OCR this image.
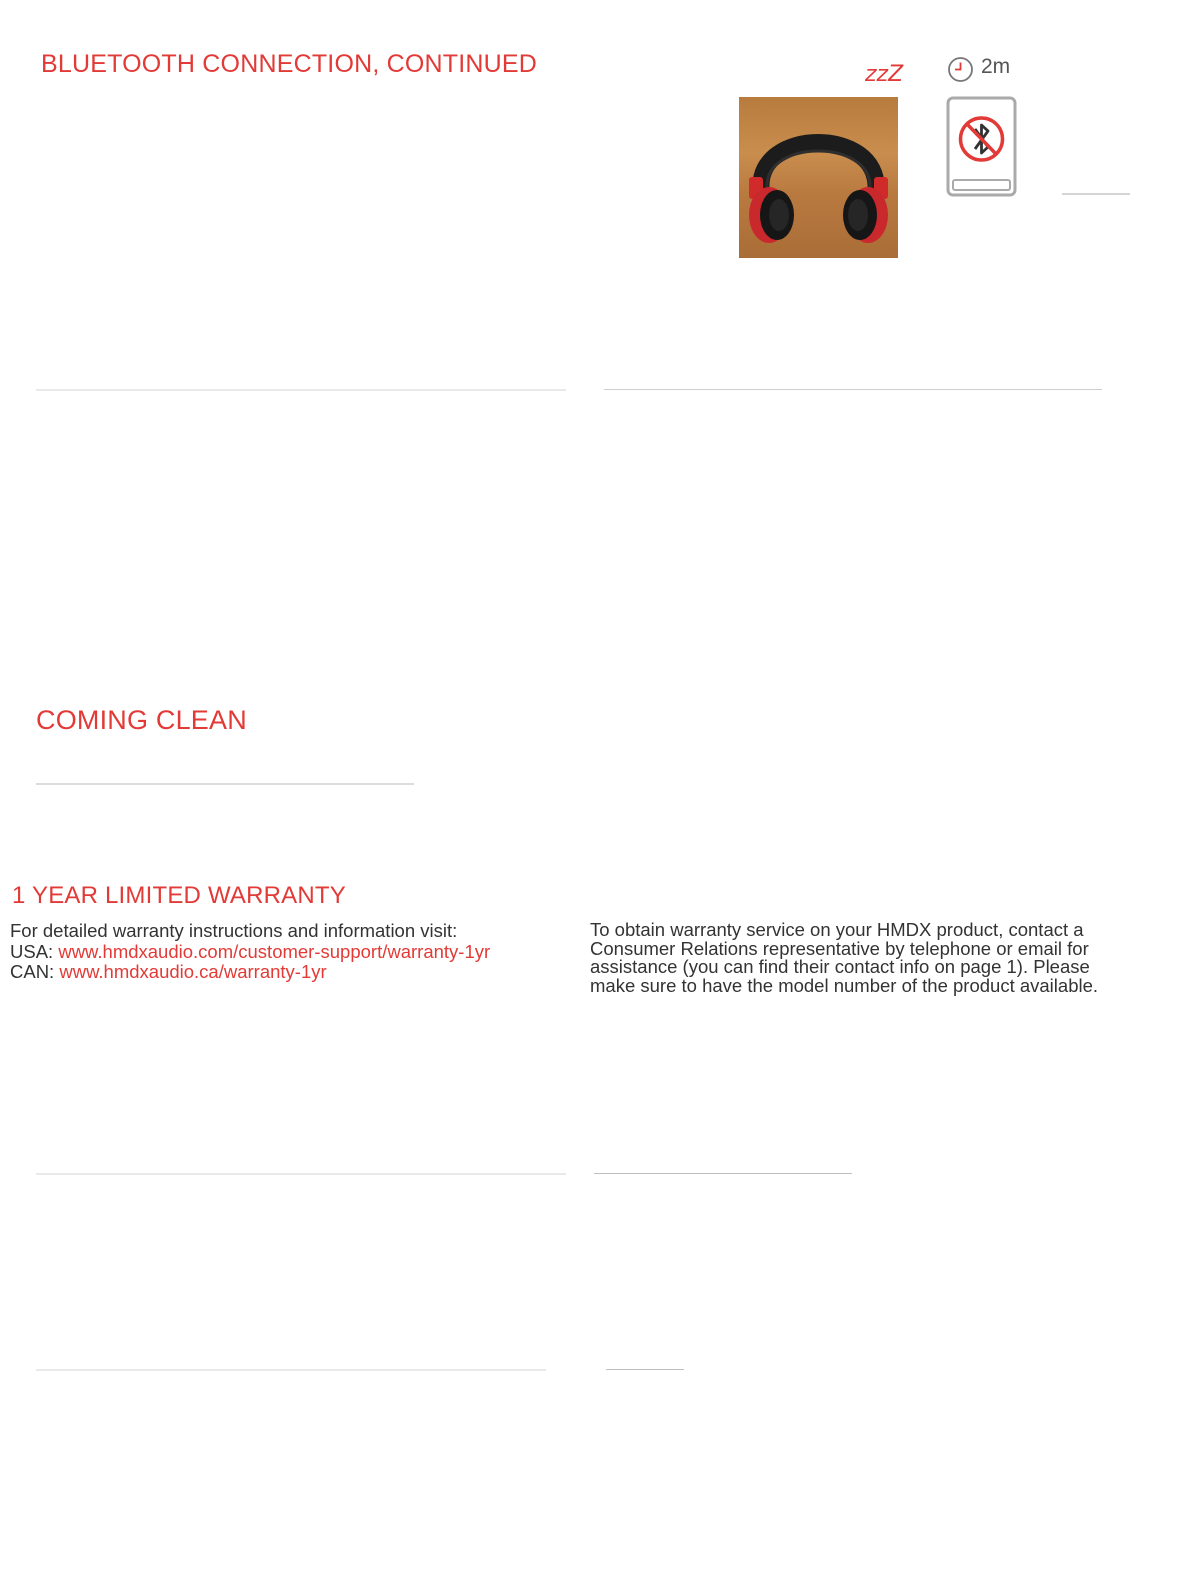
BLUETOOTH CONNECTION, CONTINUED	zzZ	2m
COMING CLEAN
1 YEAR LIMITED WARRANTY
For detailed warranty instructions and information visit:
USA: www.hmdxaudio.com/customer-support/warranty-1yr
CAN: www.hmdxaudio.ca/warranty-1yr
To obtain warranty service on your HMDX product, contact a
Consumer Relations representative by telephone or email for
assistance (you can find their contact info on page 1). Please
make sure to have the model number of the product available.
